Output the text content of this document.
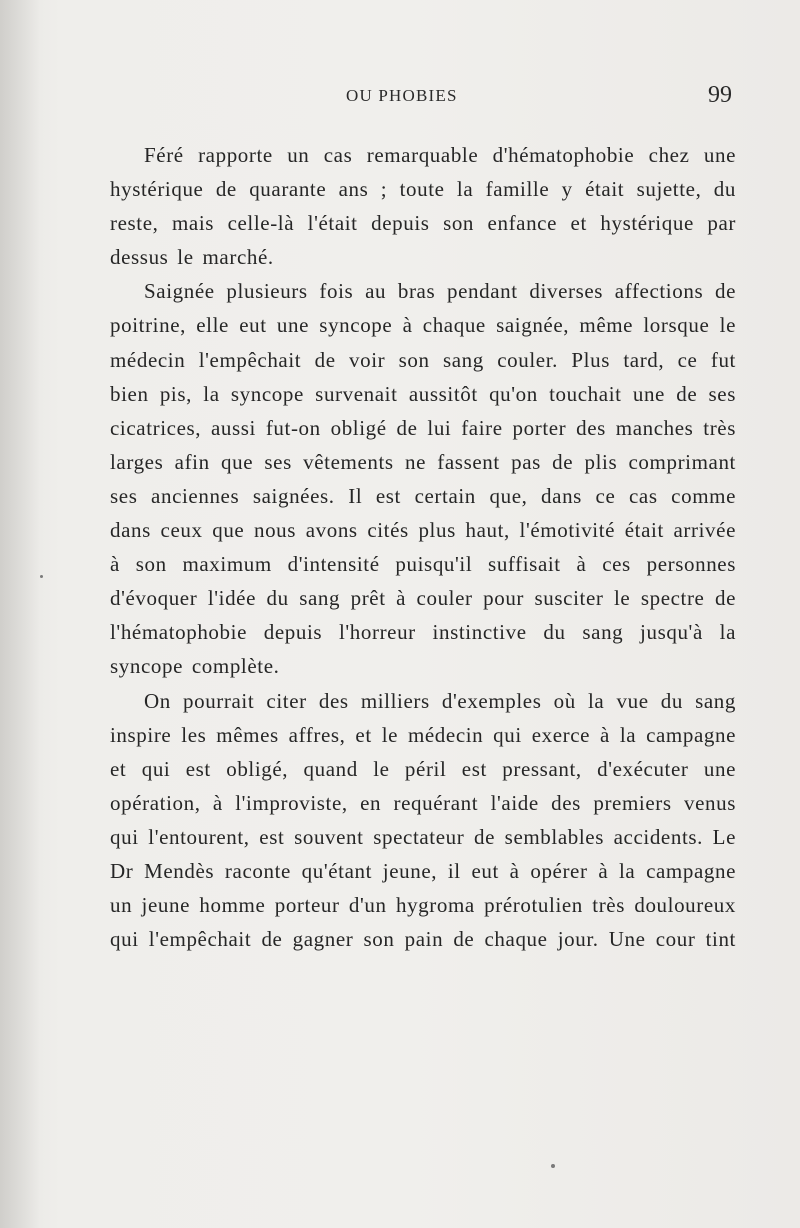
OU PHOBIES	99

Féré rapporte un cas remarquable d'hématophobie chez une hystérique de quarante ans ; toute la famille y était sujette, du reste, mais celle-là l'était depuis son enfance et hystérique par dessus le marché.

Saignée plusieurs fois au bras pendant diverses affections de poitrine, elle eut une syncope à chaque saignée, même lorsque le médecin l'empêchait de voir son sang couler. Plus tard, ce fut bien pis, la syncope survenait aussitôt qu'on touchait une de ses cicatrices, aussi fut-on obligé de lui faire porter des manches très larges afin que ses vêtements ne fassent pas de plis comprimant ses anciennes saignées. Il est certain que, dans ce cas comme dans ceux que nous avons cités plus haut, l'émotivité était arrivée à son maximum d'intensité puisqu'il suffisait à ces personnes d'évoquer l'idée du sang prêt à couler pour susciter le spectre de l'hématophobie depuis l'horreur instinctive du sang jusqu'à la syncope complète.

On pourrait citer des milliers d'exemples où la vue du sang inspire les mêmes affres, et le médecin qui exerce à la campagne et qui est obligé, quand le péril est pressant, d'exécuter une opération, à l'improviste, en requérant l'aide des premiers venus qui l'entourent, est souvent spectateur de semblables accidents. Le Dr Mendès raconte qu'étant jeune, il eut à opérer à la campagne un jeune homme porteur d'un hygroma prérotulien très douloureux qui l'empêchait de gagner son pain de chaque jour. Une cour tint
